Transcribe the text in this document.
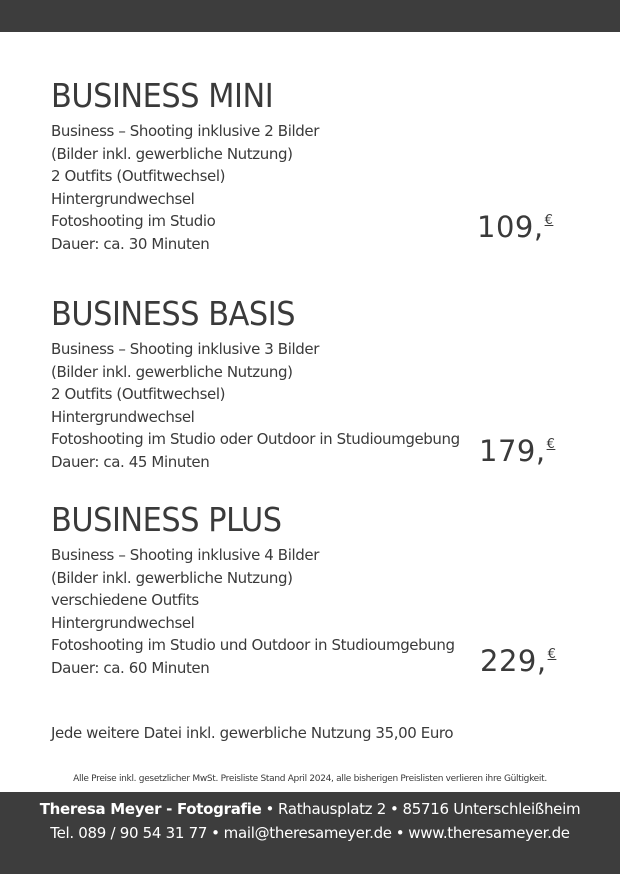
BUSINESS MINI
Business – Shooting inklusive 2 Bilder
(Bilder inkl. gewerbliche Nutzung)
2 Outfits (Outfitwechsel)
Hintergrundwechsel
Fotoshooting im Studio
Dauer: ca. 30 Minuten	109,€
BUSINESS BASIS
Business – Shooting inklusive 3 Bilder
(Bilder inkl. gewerbliche Nutzung)
2 Outfits (Outfitwechsel)
Hintergrundwechsel
Fotoshooting im Studio oder Outdoor in Studioumgebung
Dauer: ca. 45 Minuten	179,€
BUSINESS PLUS
Business – Shooting inklusive 4 Bilder
(Bilder inkl. gewerbliche Nutzung)
verschiedene Outfits
Hintergrundwechsel
Fotoshooting im Studio und Outdoor in Studioumgebung
Dauer: ca. 60 Minuten	229,€
Jede weitere Datei inkl. gewerbliche Nutzung 35,00 Euro
Alle Preise inkl. gesetzlicher MwSt. Preisliste Stand April 2024, alle bisherigen Preislisten verlieren ihre Gültigkeit.
Theresa Meyer - Fotografie • Rathausplatz 2 • 85716 Unterschleißheim
Tel. 089 / 90 54 31 77 • mail@theresameyer.de • www.theresameyer.de
